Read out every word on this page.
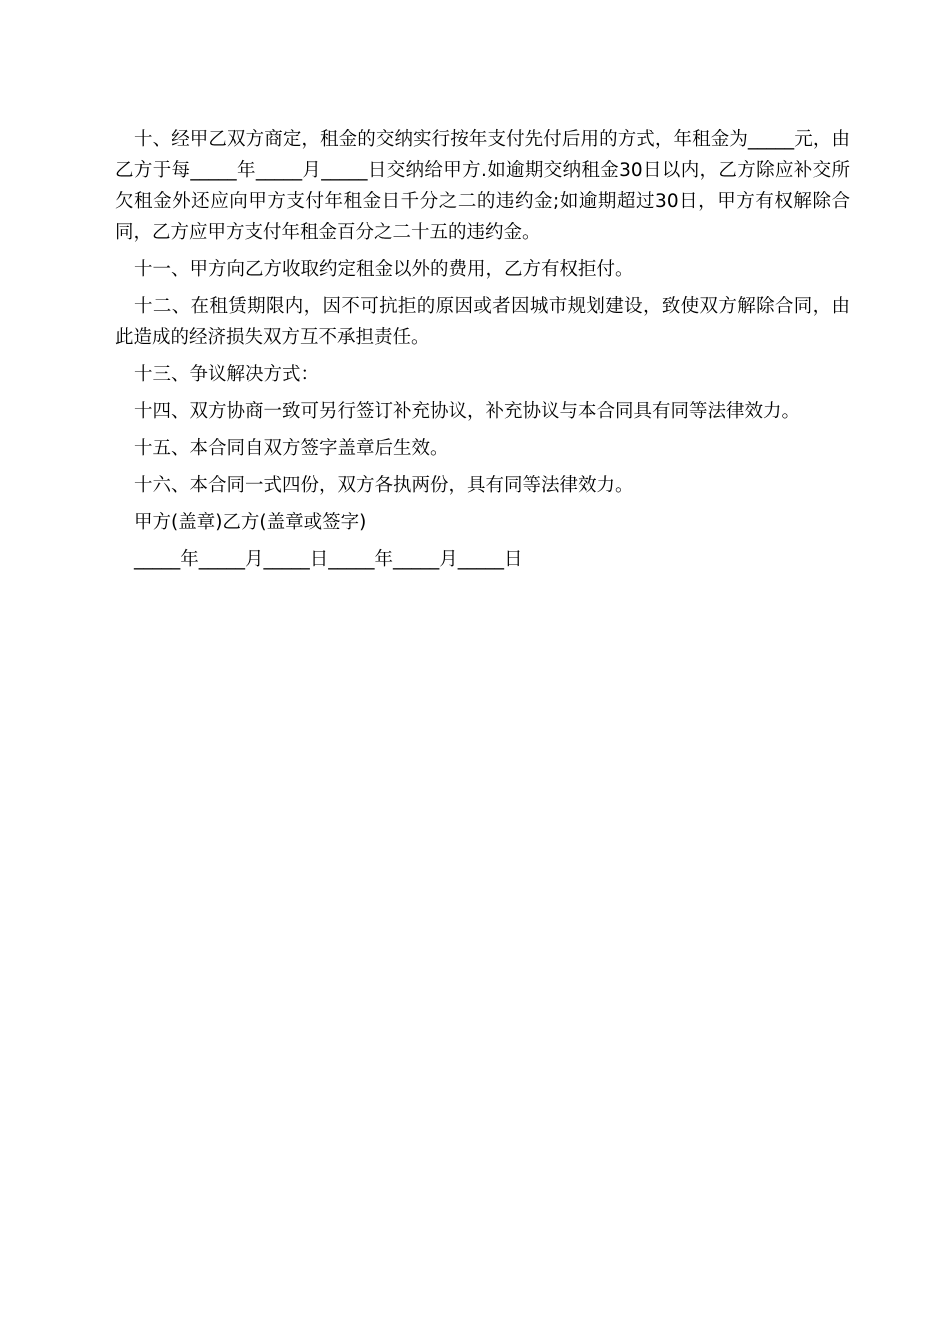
十、经甲乙双方商定，租金的交纳实行按年支付先付后用的方式，年租金为_____元，由乙方于每_____年_____月_____日交纳给甲方.如逾期交纳租金30日以内，乙方除应补交所欠租金外还应向甲方支付年租金日千分之二的违约金;如逾期超过30日，甲方有权解除合同，乙方应甲方支付年租金百分之二十五的违约金。

十一、甲方向乙方收取约定租金以外的费用，乙方有权拒付。

十二、在租赁期限内，因不可抗拒的原因或者因城市规划建设，致使双方解除合同，由此造成的经济损失双方互不承担责任。

十三、争议解决方式：

十四、双方协商一致可另行签订补充协议，补充协议与本合同具有同等法律效力。

十五、本合同自双方签字盖章后生效。

十六、本合同一式四份，双方各执两份，具有同等法律效力。

甲方(盖章)乙方(盖章或签字)

_____年_____月_____日_____年_____月_____日
